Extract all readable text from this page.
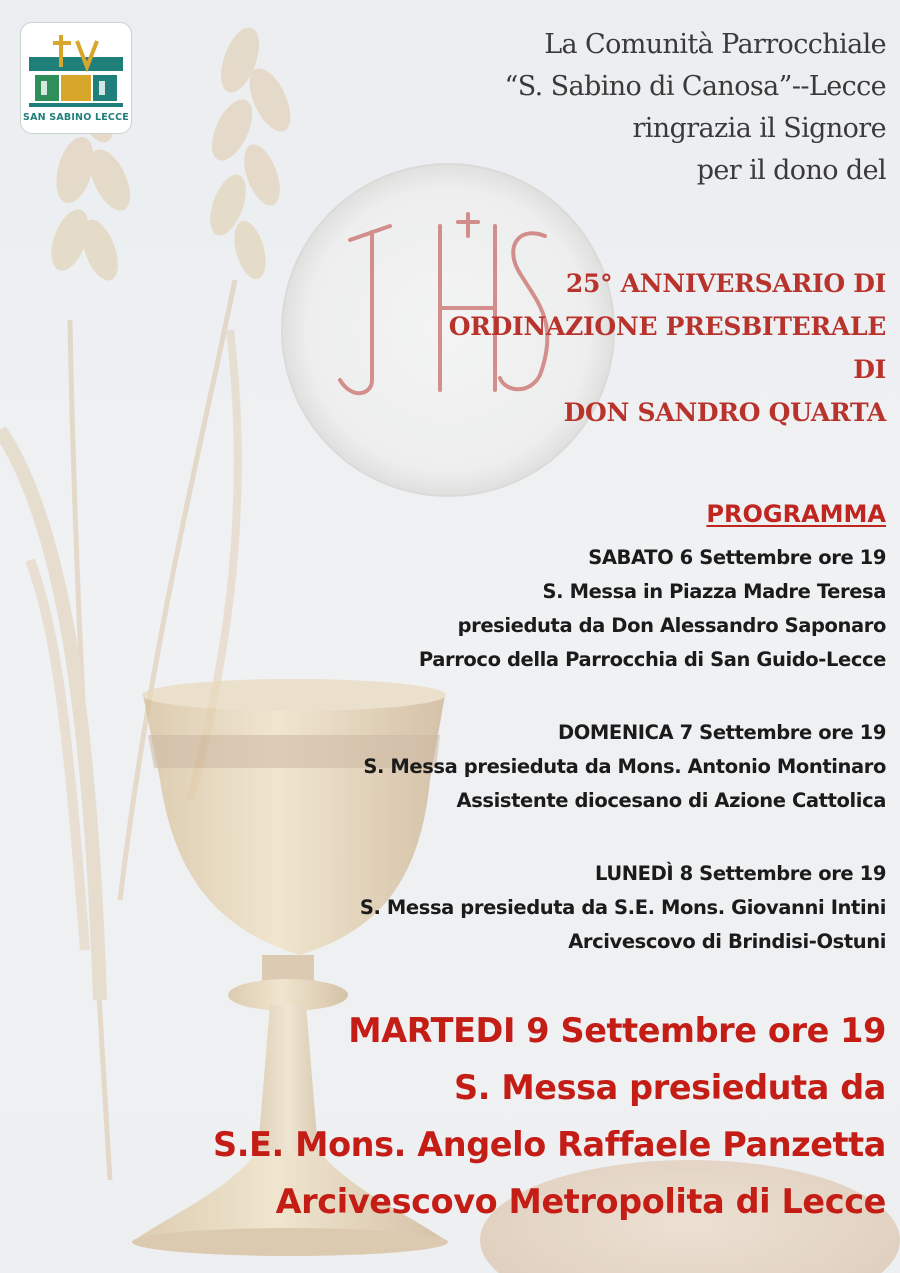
SAN SABINO LECCE
La Comunità Parrocchiale
“S. Sabino di Canosa”--Lecce
ringrazia il Signore
per il dono del
25° ANNIVERSARIO DI
ORDINAZIONE PRESBITERALE
DI
DON SANDRO QUARTA
PROGRAMMA
SABATO 6 Settembre ore 19
S. Messa in Piazza Madre Teresa
presieduta da Don Alessandro Saponaro
Parroco della Parrocchia di San Guido-Lecce
DOMENICA 7 Settembre ore 19
S. Messa presieduta da Mons. Antonio Montinaro
Assistente diocesano di Azione Cattolica
LUNEDÌ 8 Settembre ore 19
S. Messa presieduta da S.E. Mons. Giovanni Intini
Arcivescovo di Brindisi-Ostuni
MARTEDI 9 Settembre ore 19
S. Messa presieduta da
S.E. Mons. Angelo Raffaele Panzetta
Arcivescovo Metropolita di Lecce
